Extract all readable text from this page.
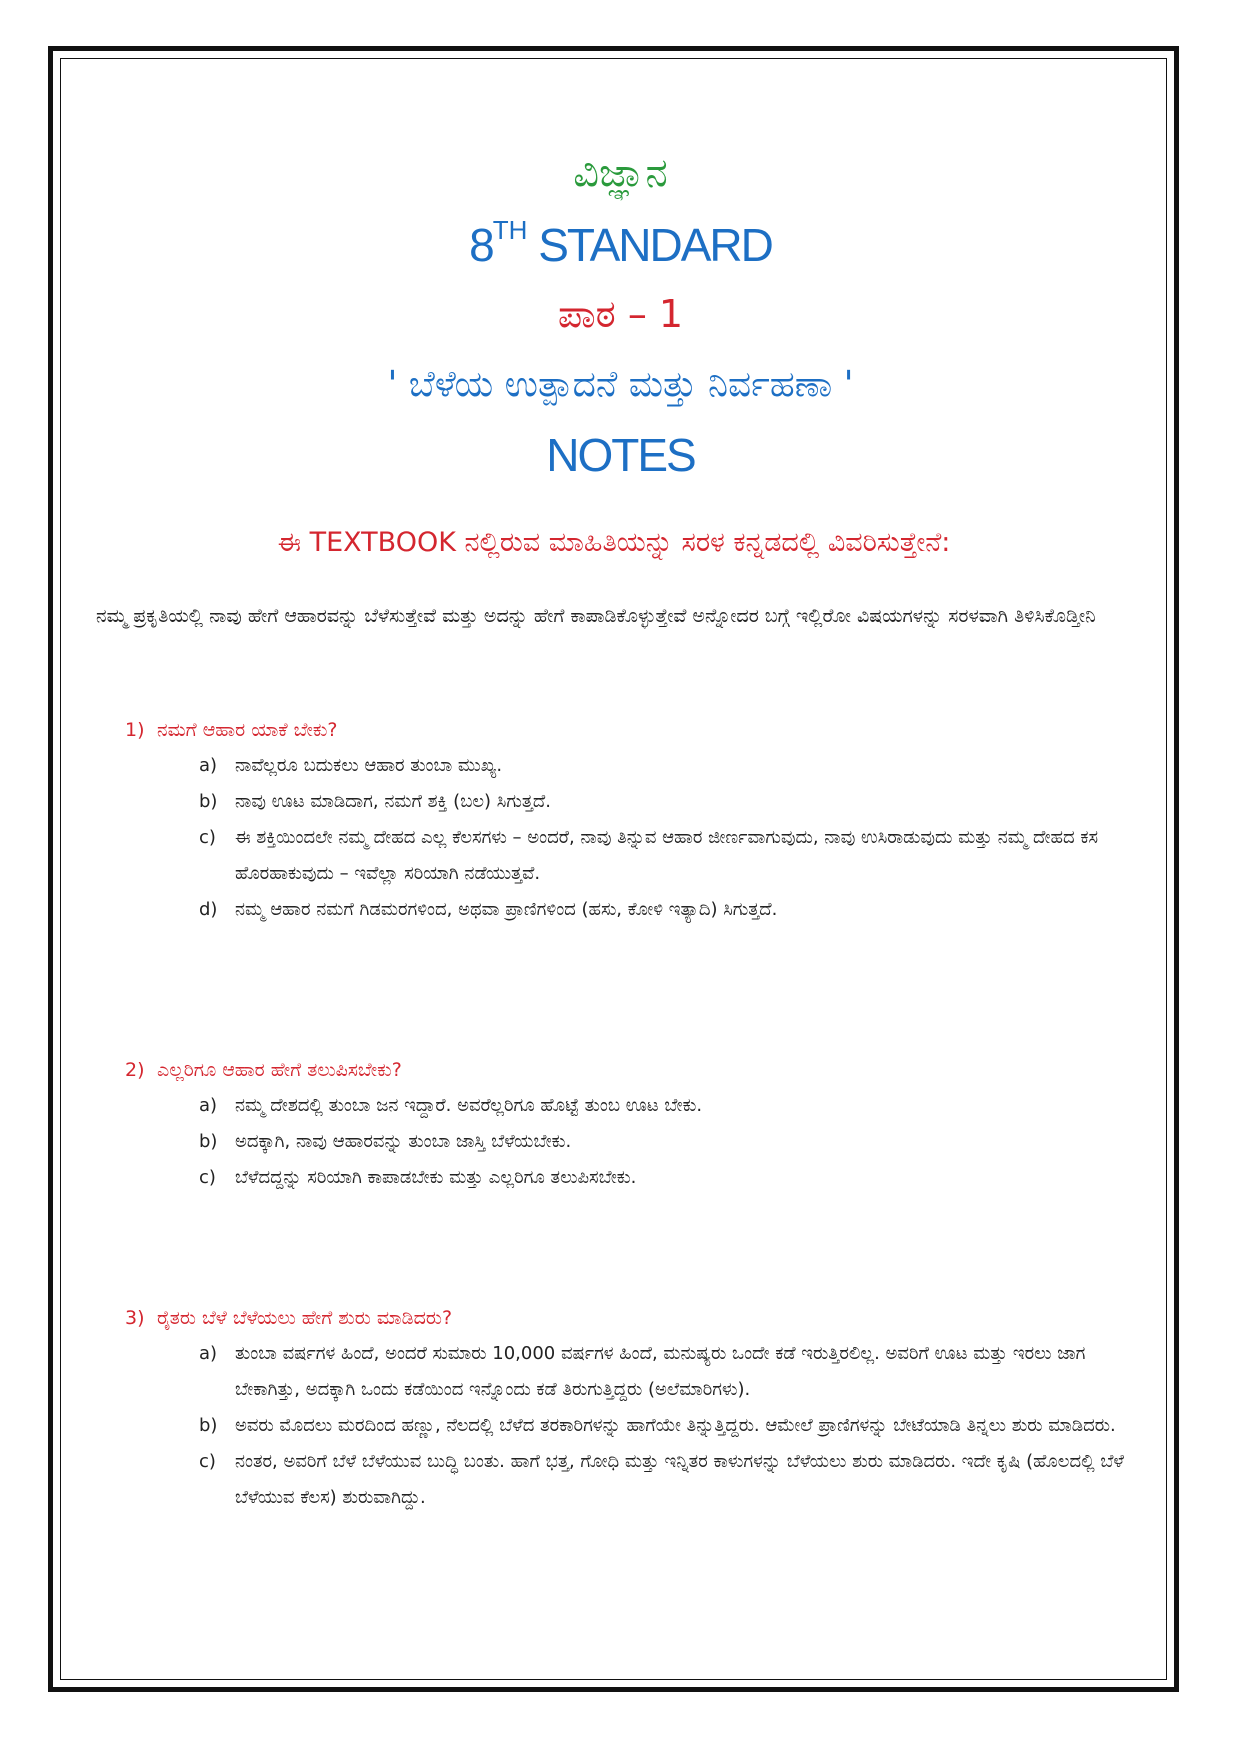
ವಿಜ್ಞಾನ
8TH STANDARD
ಪಾಠ – 1
' ಬೆಳೆಯ ಉತ್ಪಾದನೆ ಮತ್ತು ನಿರ್ವಹಣಾ '
NOTES
ಈ TEXTBOOK ನಲ್ಲಿರುವ ಮಾಹಿತಿಯನ್ನು ಸರಳ ಕನ್ನಡದಲ್ಲಿ ವಿವರಿಸುತ್ತೇನೆ:
ನಮ್ಮ ಪ್ರಕೃತಿಯಲ್ಲಿ ನಾವು ಹೇಗೆ ಆಹಾರವನ್ನು ಬೆಳೆಸುತ್ತೇವೆ ಮತ್ತು ಅದನ್ನು ಹೇಗೆ ಕಾಪಾಡಿಕೊಳ್ಳುತ್ತೇವೆ ಅನ್ನೋದರ ಬಗ್ಗೆ ಇಲ್ಲಿರೋ ವಿಷಯಗಳನ್ನು ಸರಳವಾಗಿ ತಿಳಿಸಿಕೊಡ್ತೀನಿ
1) ನಮಗೆ ಆಹಾರ ಯಾಕೆ ಬೇಕು?
a) ನಾವೆಲ್ಲರೂ ಬದುಕಲು ಆಹಾರ ತುಂಬಾ ಮುಖ್ಯ.
b) ನಾವು ಊಟ ಮಾಡಿದಾಗ, ನಮಗೆ ಶಕ್ತಿ (ಬಲ) ಸಿಗುತ್ತದೆ.
c) ಈ ಶಕ್ತಿಯಿಂದಲೇ ನಮ್ಮ ದೇಹದ ಎಲ್ಲ ಕೆಲಸಗಳು – ಅಂದರೆ, ನಾವು ತಿನ್ನುವ ಆಹಾರ ಜೀರ್ಣವಾಗುವುದು, ನಾವು ಉಸಿರಾಡುವುದು ಮತ್ತು ನಮ್ಮ ದೇಹದ ಕಸ ಹೊರಹಾಕುವುದು – ಇವೆಲ್ಲಾ ಸರಿಯಾಗಿ ನಡೆಯುತ್ತವೆ.
d) ನಮ್ಮ ಆಹಾರ ನಮಗೆ ಗಿಡಮರಗಳಿಂದ, ಅಥವಾ ಪ್ರಾಣಿಗಳಿಂದ (ಹಸು, ಕೋಳಿ ಇತ್ಯಾದಿ) ಸಿಗುತ್ತದೆ.
2) ಎಲ್ಲರಿಗೂ ಆಹಾರ ಹೇಗೆ ತಲುಪಿಸಬೇಕು?
a) ನಮ್ಮ ದೇಶದಲ್ಲಿ ತುಂಬಾ ಜನ ಇದ್ದಾರೆ. ಅವರೆಲ್ಲರಿಗೂ ಹೊಟ್ಟೆ ತುಂಬ ಊಟ ಬೇಕು.
b) ಅದಕ್ಕಾಗಿ, ನಾವು ಆಹಾರವನ್ನು ತುಂಬಾ ಜಾಸ್ತಿ ಬೆಳೆಯಬೇಕು.
c) ಬೆಳೆದದ್ದನ್ನು ಸರಿಯಾಗಿ ಕಾಪಾಡಬೇಕು ಮತ್ತು ಎಲ್ಲರಿಗೂ ತಲುಪಿಸಬೇಕು.
3) ರೈತರು ಬೆಳೆ ಬೆಳೆಯಲು ಹೇಗೆ ಶುರು ಮಾಡಿದರು?
a) ತುಂಬಾ ವರ್ಷಗಳ ಹಿಂದೆ, ಅಂದರೆ ಸುಮಾರು 10,000 ವರ್ಷಗಳ ಹಿಂದೆ, ಮನುಷ್ಯರು ಒಂದೇ ಕಡೆ ಇರುತ್ತಿರಲಿಲ್ಲ. ಅವರಿಗೆ ಊಟ ಮತ್ತು ಇರಲು ಜಾಗ ಬೇಕಾಗಿತ್ತು, ಅದಕ್ಕಾಗಿ ಒಂದು ಕಡೆಯಿಂದ ಇನ್ನೊಂದು ಕಡೆ ತಿರುಗುತ್ತಿದ್ದರು (ಅಲೆಮಾರಿಗಳು).
b) ಅವರು ಮೊದಲು ಮರದಿಂದ ಹಣ್ಣು, ನೆಲದಲ್ಲಿ ಬೆಳೆದ ತರಕಾರಿಗಳನ್ನು ಹಾಗೆಯೇ ತಿನ್ನುತ್ತಿದ್ದರು. ಆಮೇಲೆ ಪ್ರಾಣಿಗಳನ್ನು ಬೇಟೆಯಾಡಿ ತಿನ್ನಲು ಶುರು ಮಾಡಿದರು.
c) ನಂತರ, ಅವರಿಗೆ ಬೆಳೆ ಬೆಳೆಯುವ ಬುದ್ಧಿ ಬಂತು. ಹಾಗೆ ಭತ್ತ, ಗೋಧಿ ಮತ್ತು ಇನ್ನಿತರ ಕಾಳುಗಳನ್ನು ಬೆಳೆಯಲು ಶುರು ಮಾಡಿದರು. ಇದೇ ಕೃಷಿ (ಹೊಲದಲ್ಲಿ ಬೆಳೆ ಬೆಳೆಯುವ ಕೆಲಸ) ಶುರುವಾಗಿದ್ದು.
